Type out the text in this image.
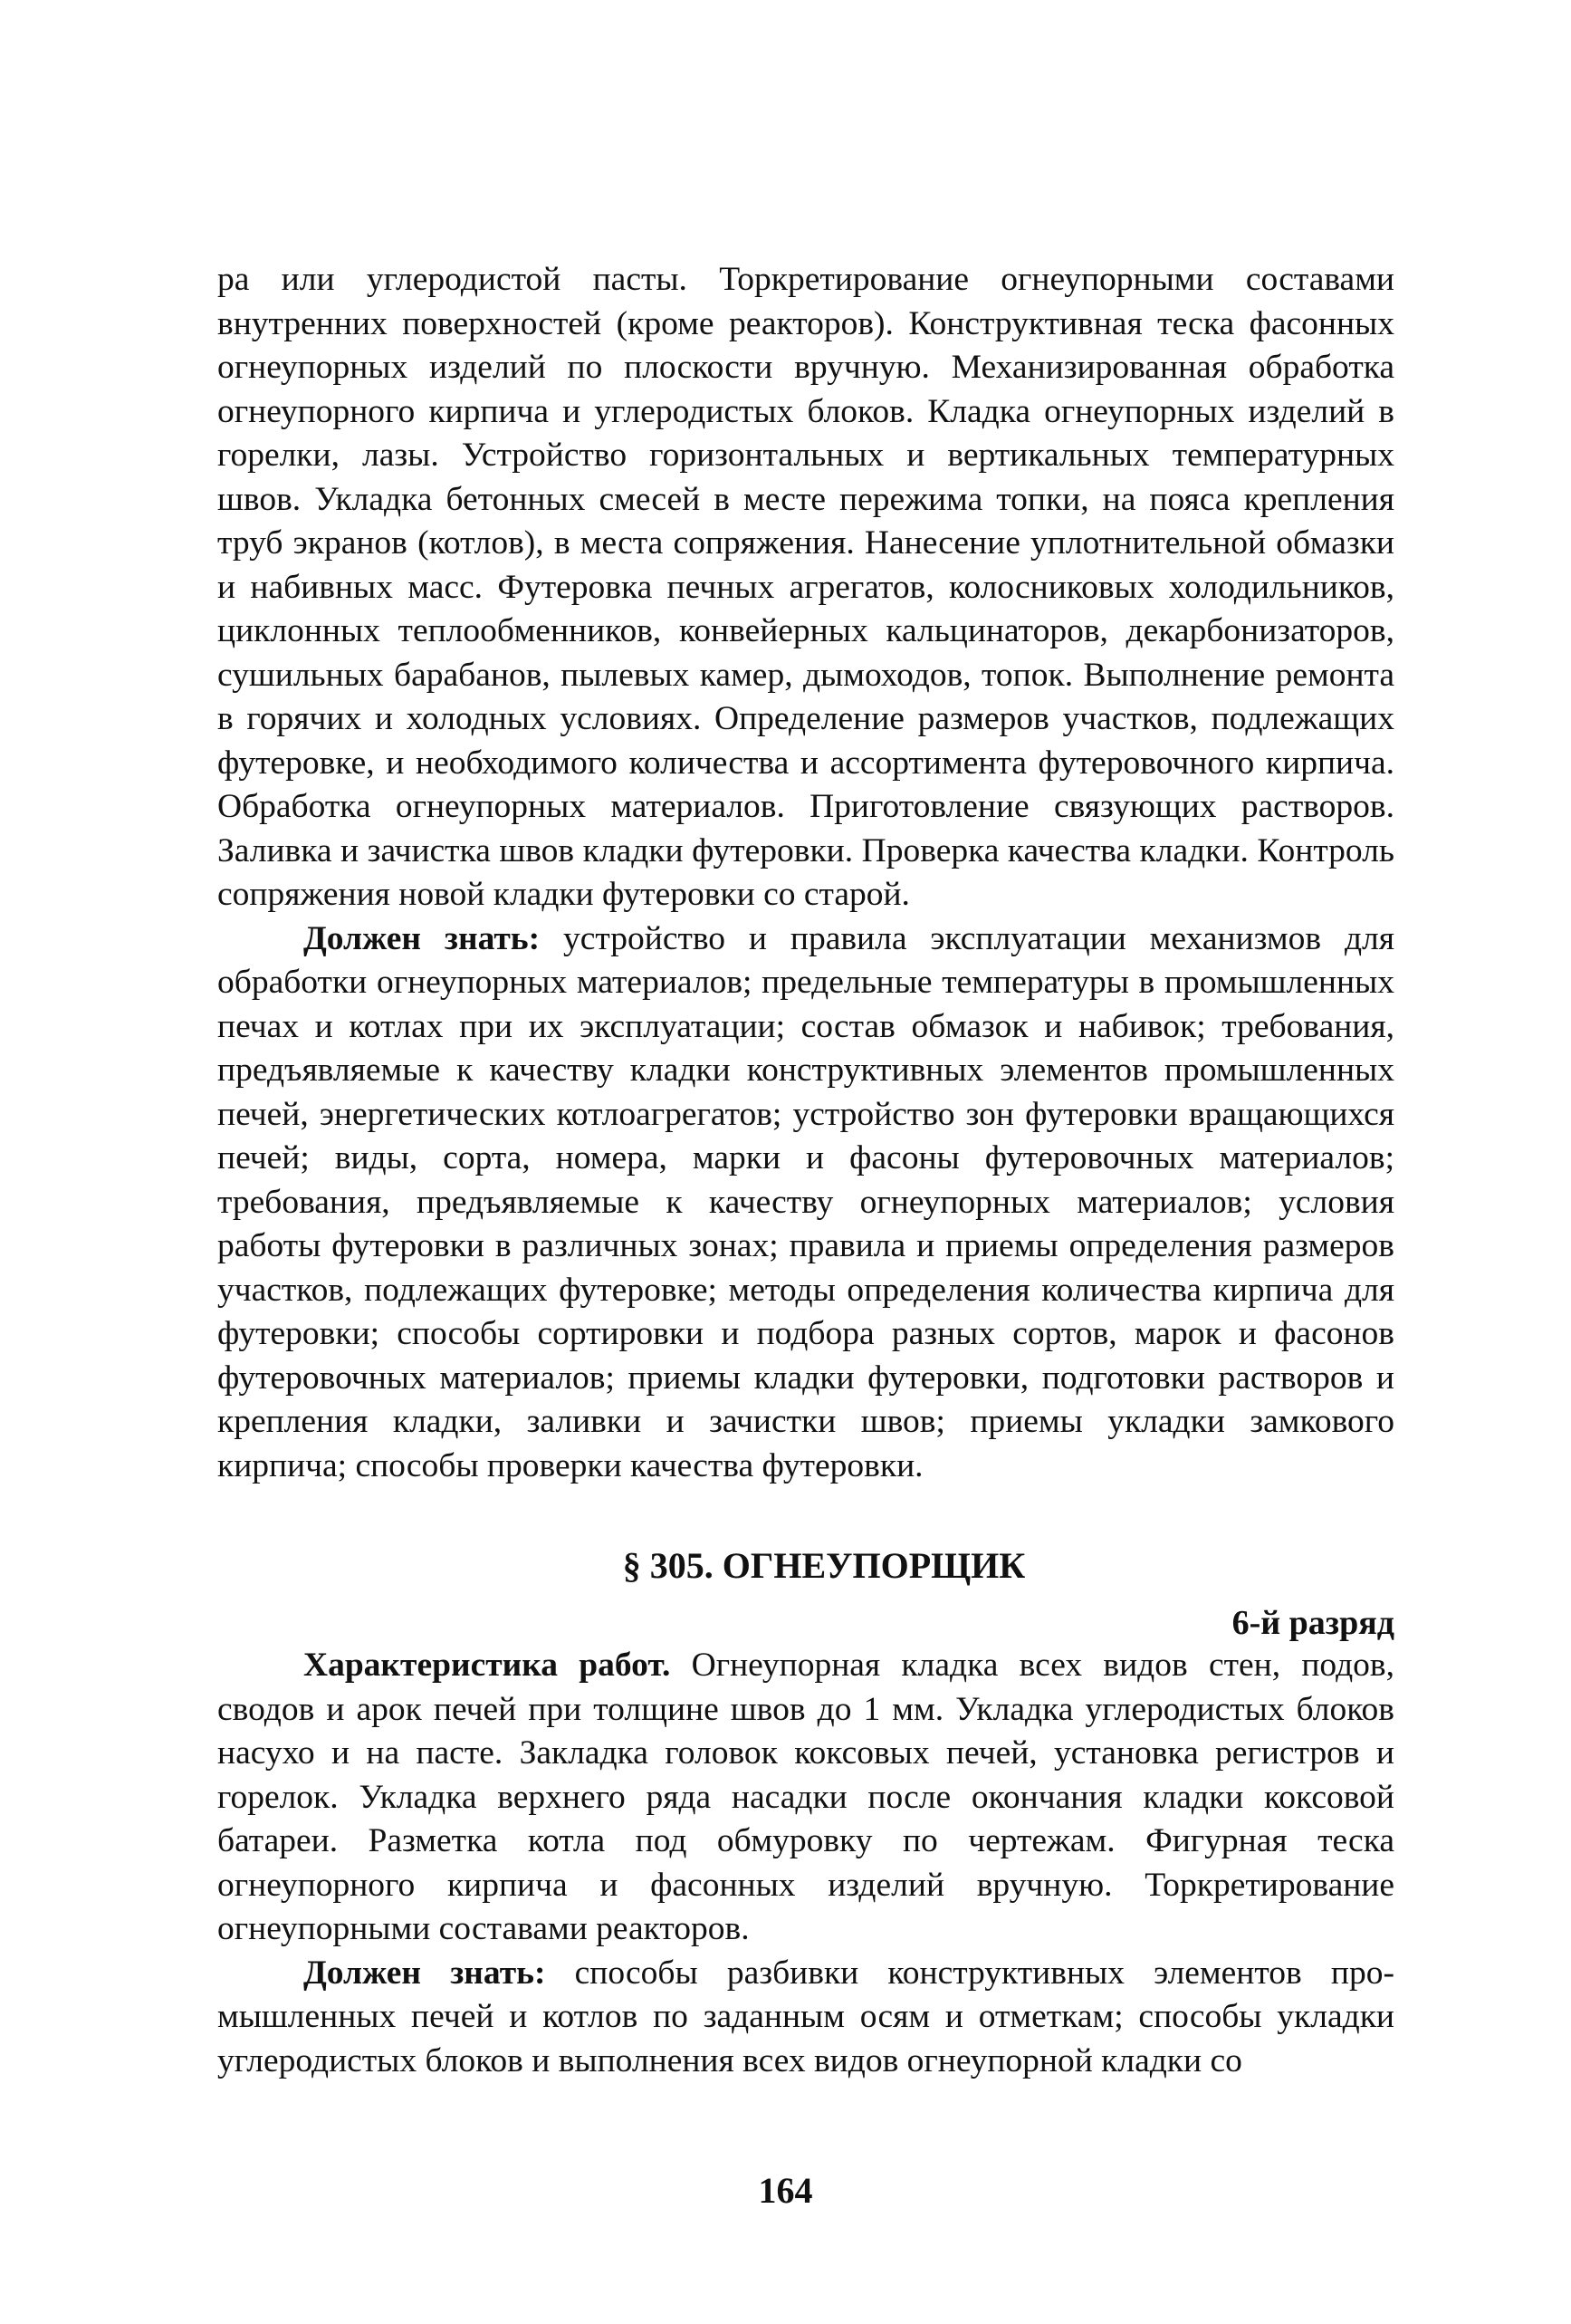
ра или углеродистой пасты. Торкретирование огнеупорными составами внутренних поверхностей (кроме реакторов). Конструктивная теска фасонных огнеупорных изделий по плоскости вручную. Механизированная обработка огнеупорного кирпича и углеродистых блоков. Кладка огнеупорных изделий в горелки, лазы. Устройство горизонтальных и вертикальных температурных швов. Укладка бетонных смесей в месте пережима топки, на пояса крепления труб экранов (котлов), в места сопряжения. Нанесение уплотнительной обмазки и набивных масс. Футеровка печных агрегатов, колосниковых холодильников, циклонных теплообменников, конвейерных кальцинаторов, декарбонизаторов, сушильных барабанов, пылевых камер, дымоходов, топок. Выполнение ремонта в горячих и холодных условиях. Определение размеров участков, подлежащих футеровке, и необходимого количества и ассортимента футеровочного кирпича. Обработка огнеупорных материалов. Приготовление связующих растворов. Заливка и зачистка швов кладки футеровки. Проверка качества кладки. Контроль сопряжения новой кладки футеровки со старой.

Должен знать: устройство и правила эксплуатации механизмов для обработки огнеупорных материалов; предельные температуры в промышленных печах и котлах при их эксплуатации; состав обмазок и набивок; требования, предъявляемые к качеству кладки конструктивных элементов промышленных печей, энергетических котлоагрегатов; устройство зон футеровки вращающихся печей; виды, сорта, номера, марки и фасоны футеровочных материалов; требования, предъявляемые к качеству огнеупорных материалов; условия работы футеровки в различных зонах; правила и приемы определения размеров участков, подлежащих футеровке; методы определения количества кирпича для футеровки; способы сортировки и подбора разных сортов, марок и фасонов футеровочных материалов; приемы кладки футеровки, подготовки растворов и крепления кладки, заливки и зачистки швов; приемы укладки замкового кирпича; способы проверки качества футеровки.

§ 305. ОГНЕУПОРЩИК
6-й разряд

Характеристика работ. Огнеупорная кладка всех видов стен, подов, сводов и арок печей при толщине швов до 1 мм. Укладка углеродистых блоков насухо и на пасте. Закладка головок коксовых печей, установка регистров и горелок. Укладка верхнего ряда насадки после окончания кладки коксовой батареи. Разметка котла под обмуровку по чертежам. Фигурная теска огнеупорного кирпича и фасонных изделий вручную. Торкретирование огнеупорными составами реакторов.

Должен знать: способы разбивки конструктивных элементов промышленных печей и котлов по заданным осям и отметкам; способы укладки углеродистых блоков и выполнения всех видов огнеупорной кладки со

164
